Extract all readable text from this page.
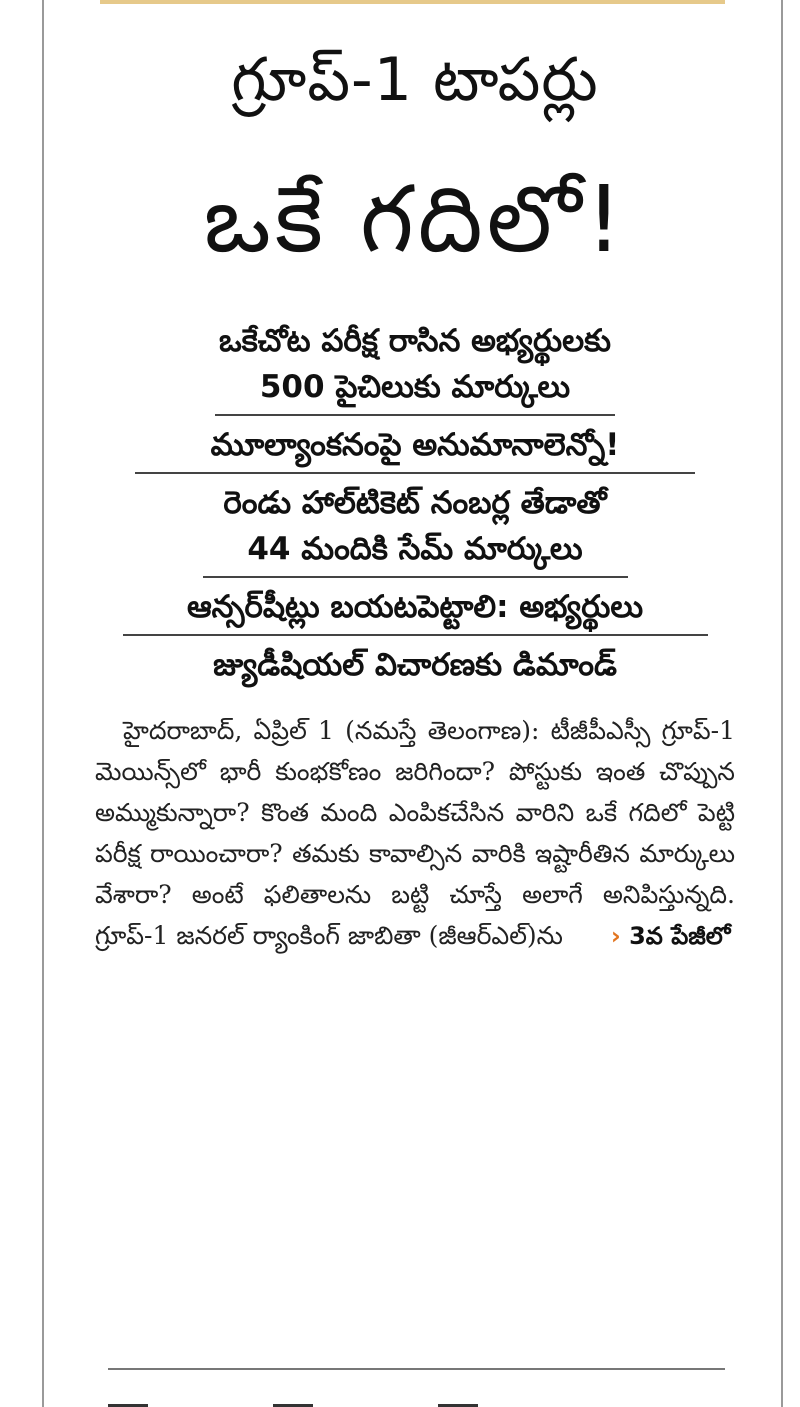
గ్రూప్‌-1 టాపర్లు
ఒకే గదిలో!

ఒకేచోట పరీక్ష రాసిన అభ్యర్థులకు

500 పైచిలుకు మార్కులు

మూల్యాంకనంపై అనుమానాలెన్నో!

రెండు హాల్‌టికెట్‌ నంబర్ల తేడాతో

44 మందికి సేమ్‌ మార్కులు

ఆన్సర్‌షీట్లు బయటపెట్టాలి: అభ్యర్థులు

జ్యుడీషియల్‌ విచారణకు డిమాండ్‌

హైదరాబాద్‌, ఏప్రిల్‌ 1 (నమస్తే తెలంగాణ): టీజీపీఎస్సీ గ్రూప్‌-1 మెయిన్స్‌లో భారీ కుంభకోణం జరిగిందా? పోస్టుకు ఇంత చొప్పున అమ్ముకున్నారా? కొంత మంది ఎంపికచేసిన వారిని ఒకే గదిలో పెట్టి పరీక్ష రాయించారా? తమకు కావాల్సిన వారికి ఇష్టారీతిన మార్కులు వేశారా? అంటే ఫలితాలను బట్టి చూస్తే అలాగే అనిపిస్తున్నది. గ్రూప్‌-1 జనరల్‌ ర్యాంకింగ్‌ జాబితా (జీఆర్‌ఎల్‌)ను › 3వ పేజీలో
